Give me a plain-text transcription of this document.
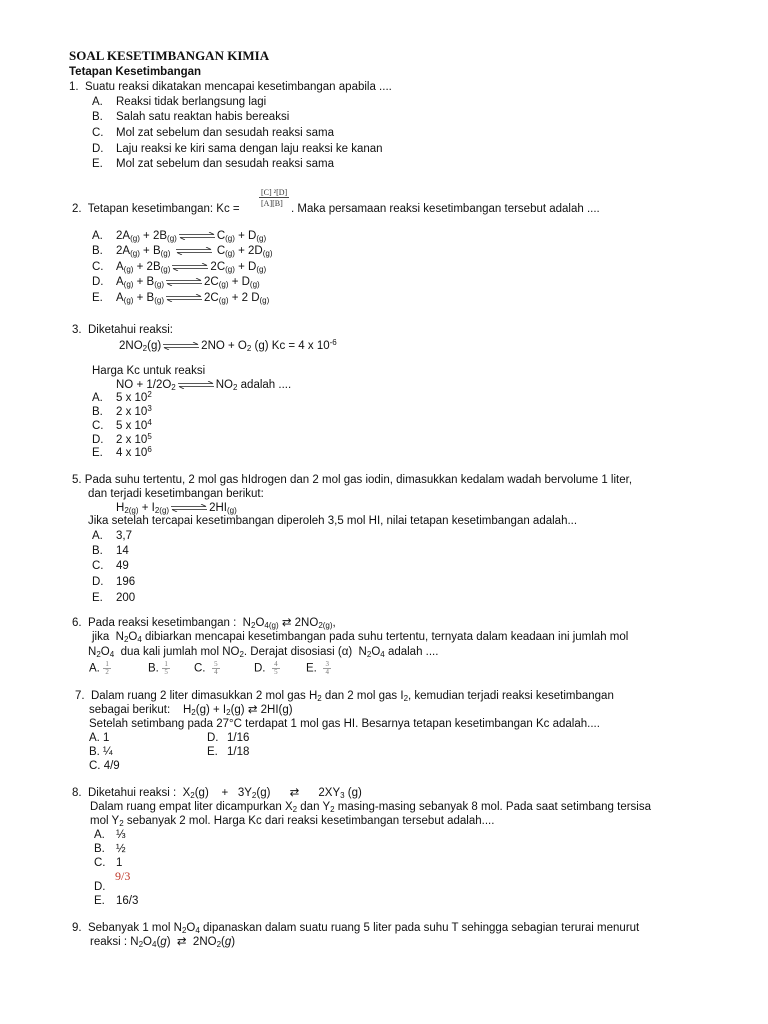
SOAL KESETIMBANGAN KIMIA
Tetapan Kesetimbangan
1. Suatu reaksi dikatakan mencapai kesetimbangan apabila ....
A. Reaksi tidak berlangsung lagi
B. Salah satu reaktan habis bereaksi
C. Mol zat sebelum dan sesudah reaksi sama
D. Laju reaksi ke kiri sama dengan laju reaksi ke kanan
E. Mol zat sebelum dan sesudah reaksi sama
[C] ²[D]
[A][B]
2. Tetapan kesetimbangan: Kc =	. Maka persamaan reaksi kesetimbangan tersebut adalah ....
A. $2A_{(g)}$ + $2B_{(g)}\rightleftharpoons C_{(g)} + D_{(g)}$
B. $2A_{(g)} + B_{(g)}$ ⇌ $C_{(g)} + 2D_{(g)}$
C. $A_{(g)}$ + $2B_{(g)}\rightleftharpoons 2C_{(g)} + D_{(g)}$
D. $A_{(g)}$ + $B_{(g)}\rightleftharpoons 2C_{(g)} + D_{(g)}$
E. $A_{(g)}$ + $B_{(g)}\rightleftharpoons 2C_{(g)} + 2$ $D_{(g)}$
3. Diketahui reaksi:
$2NO_2(g)\rightleftharpoons 2NO + O_2$ (g) Kc = 4 x $10^{-6}$
Harga Kc untuk reaksi
NO + $1/2O_2\rightleftharpoons NO_2$ adalah ....
A. 5 x $10^2$
B. 2 x $10^3$
C. 5 x $10^4$
D. 2 x $10^5$
E. 4 x $10^6$
5. Pada suhu tertentu, 2 mol gas hIdrogen dan 2 mol gas iodin, dimasukkan kedalam wadah bervolume 1 liter,
dan terjadi kesetimbangan berikut:
$H_{2(g)}$ + $I_{2(g)}\rightleftharpoons 2HI_{(g)}$
Jika setelah tercapai kesetimbangan diperoleh 3,5 mol HI, nilai tetapan kesetimbangan adalah...
A. 3,7
B. 14
C. 49
D. 196
E. 200
6. Pada reaksi kesetimbangan :  $N_2O_{4(g)}$ ⇄ $2NO_{2(g)}$,
jika  $N_2O_4$ dibiarkan mencapai kesetimbangan pada suhu tertentu, ternyata dalam keadaan ini jumlah mol
$N_2O_4$ dua kali jumlah mol $NO_2$. Derajat disosiasi (α)  $N_2O_4$ adalah ....
A. $\frac{1}{2}$	B. $\frac{1}{5} C$. $\frac{5}{4}$	D. $\frac{4}{5} E$. $\frac{3}{4}$
7. Dalam ruang 2 liter dimasukkan 2 mol gas $H_2$ dan 2 mol gas $I_2$, kemudian terjadi reaksi kesetimbangan
sebagai berikut:    $H_2(g) + I_2(g)$ ⇄ 2HI(g)
Setelah setimbang pada 27°C terdapat 1 mol gas HI. Besarnya tetapan kesetimbangan Kc adalah....
A. 1	D. 1/16
B. ¼	E. 1/18
C. 4/9
8. Diketahui reaksi :  $X_2(g)$    +   $3Y_2(g)$      ⇄      $2XY_3$ (g)
Dalam ruang empat liter dicampurkan $X_2$ dan $Y_2$ masing-masing sebanyak 8 mol. Pada saat setimbang tersisa
mol $Y_2$ sebanyak 2 mol. Harga Kc dari reaksi kesetimbangan tersebut adalah....
A. ⅓
B. ½
C. 1
9/3
D.
E. 16/3
9. Sebanyak 1 mol $N_2O_4$ dipanaskan dalam suatu ruang 5 liter pada suhu T sehingga sebagian terurai menurut
reaksi : $N_2O_4(g)$  ⇄  $2NO_2(g)$
